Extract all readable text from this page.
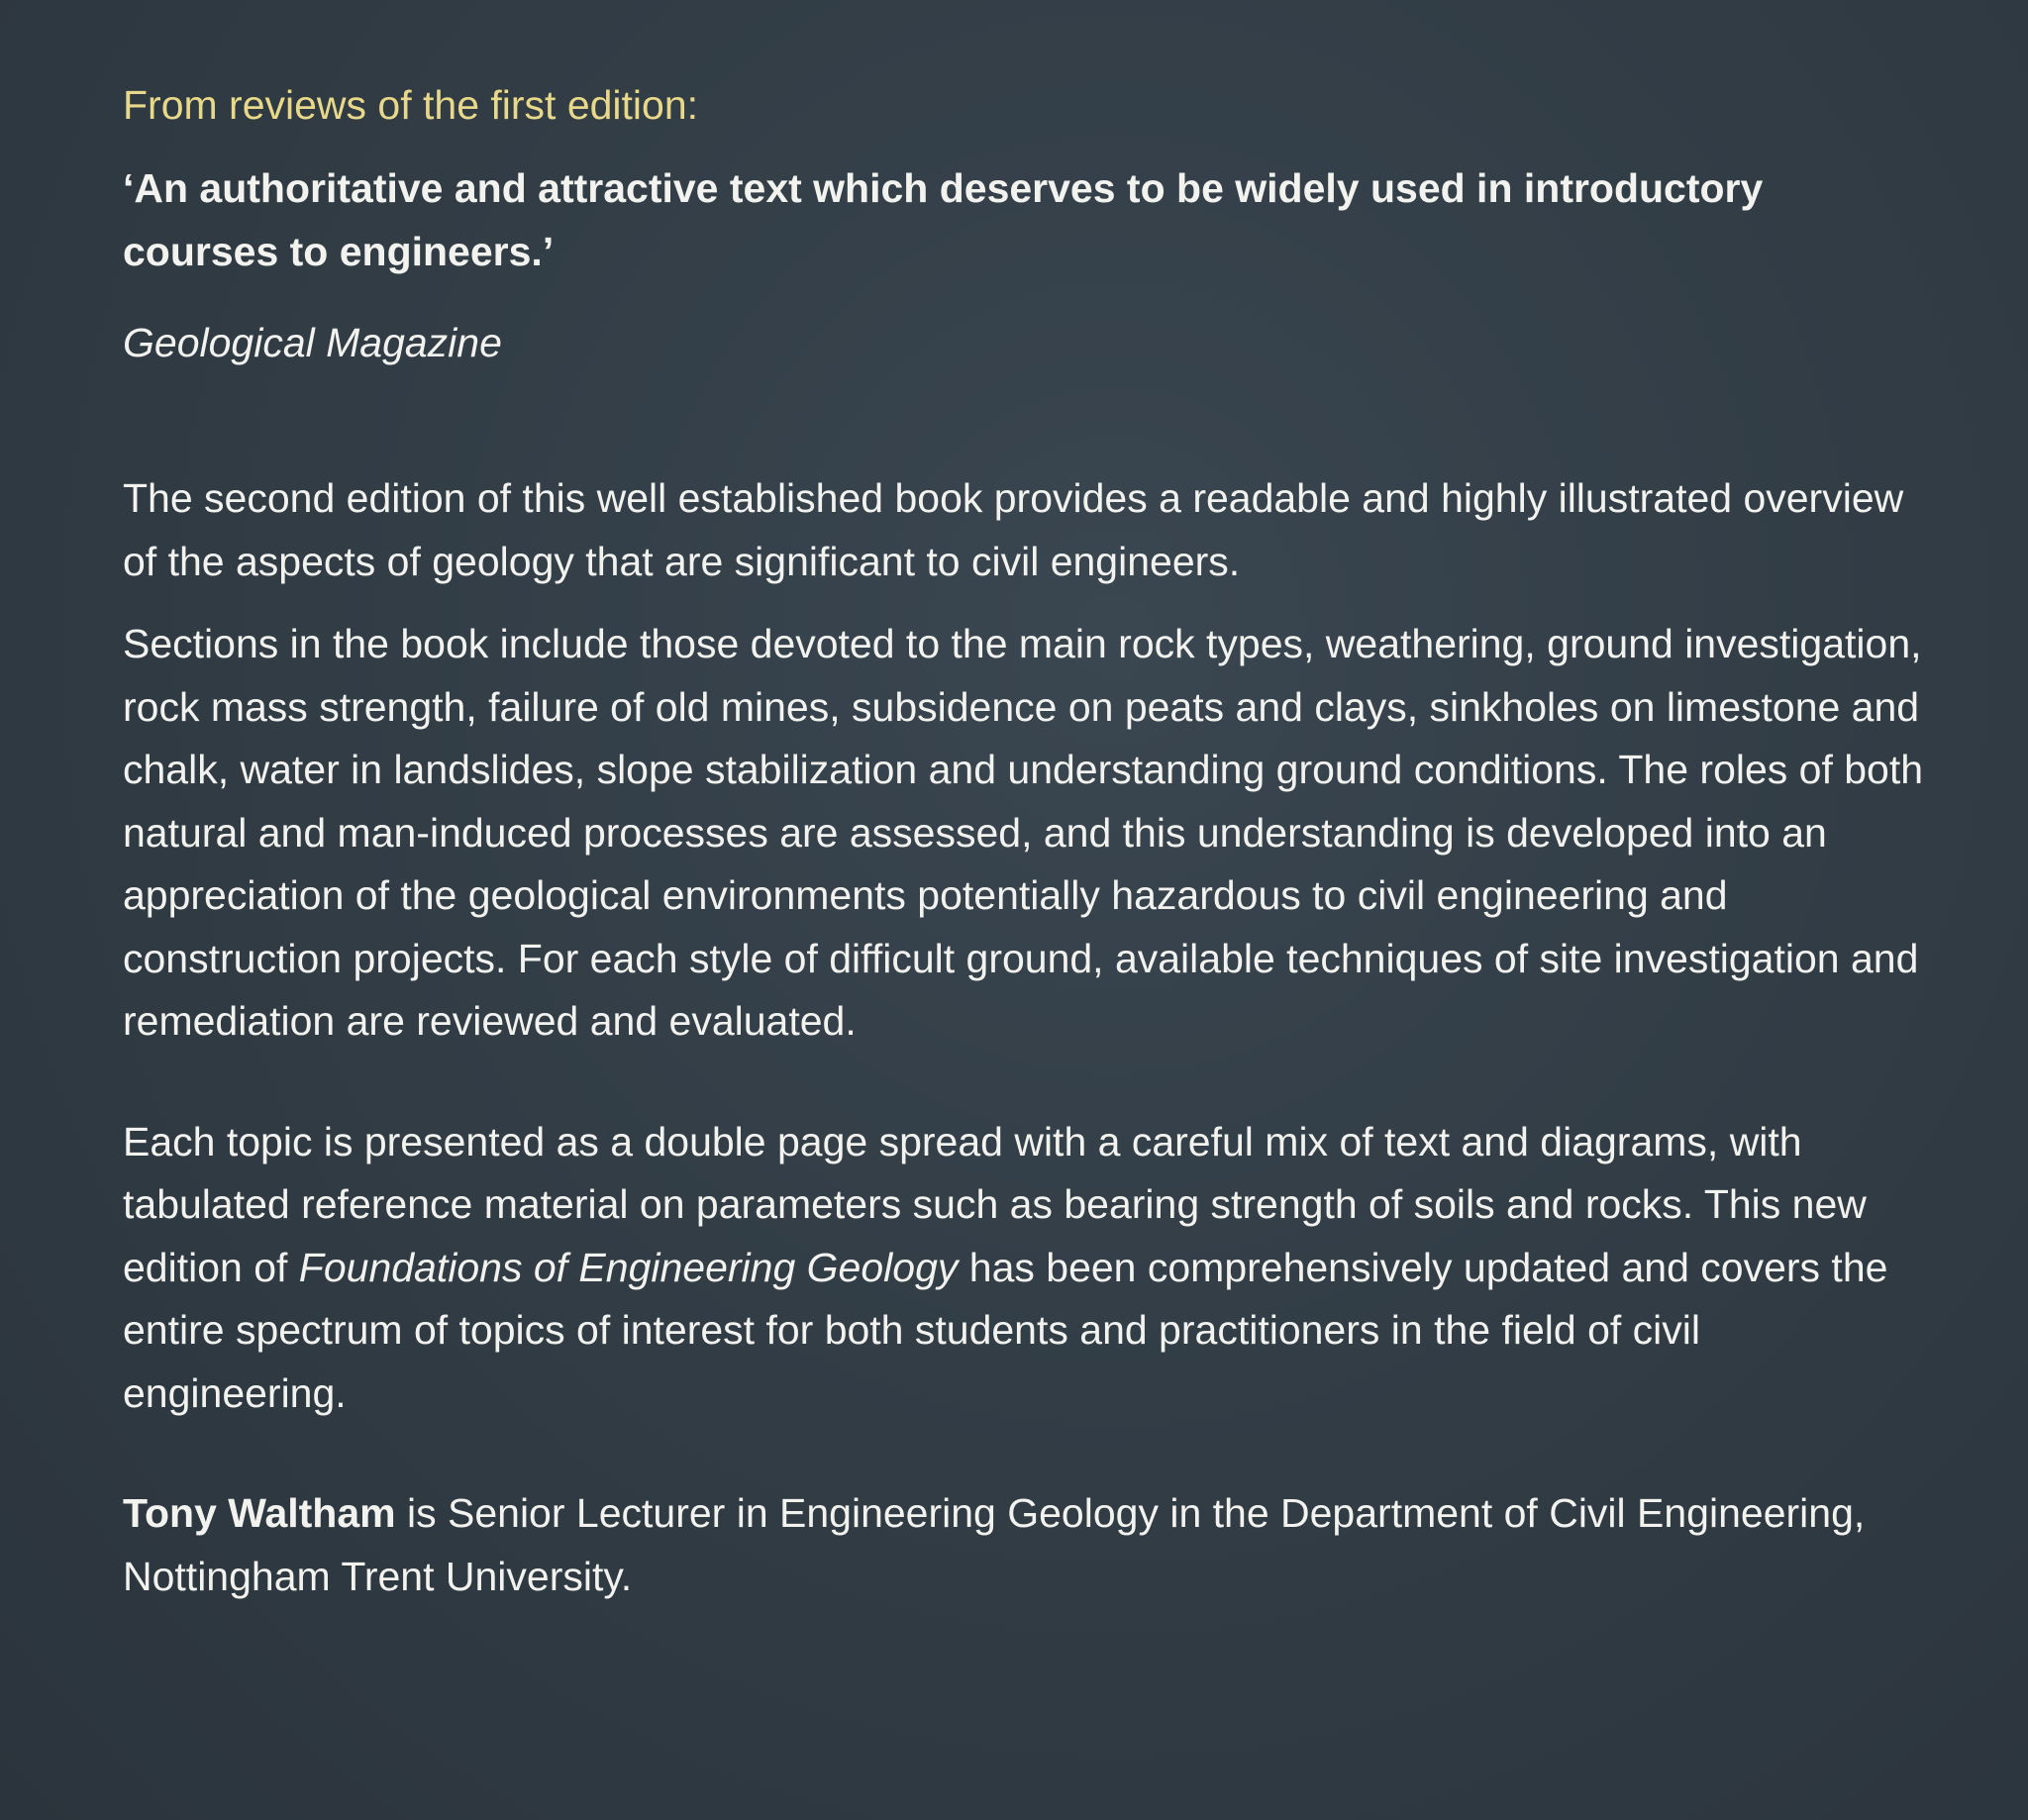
From reviews of the first edition:

‘An authoritative and attractive text which deserves to be widely used in introductory courses to engineers.’

Geological Magazine

The second edition of this well established book provides a readable and highly illustrated overview of the aspects of geology that are significant to civil engineers.

Sections in the book include those devoted to the main rock types, weathering, ground investigation, rock mass strength, failure of old mines, subsidence on peats and clays, sinkholes on limestone and chalk, water in landslides, slope stabilization and understanding ground conditions. The roles of both natural and man-induced processes are assessed, and this understanding is developed into an appreciation of the geological environments potentially hazardous to civil engineering and construction projects. For each style of difficult ground, available techniques of site investigation and remediation are reviewed and evaluated.

Each topic is presented as a double page spread with a careful mix of text and diagrams, with tabulated reference material on parameters such as bearing strength of soils and rocks. This new edition of Foundations of Engineering Geology has been comprehensively updated and covers the entire spectrum of topics of interest for both students and practitioners in the field of civil engineering.

Tony Waltham is Senior Lecturer in Engineering Geology in the Department of Civil Engineering, Nottingham Trent University.
